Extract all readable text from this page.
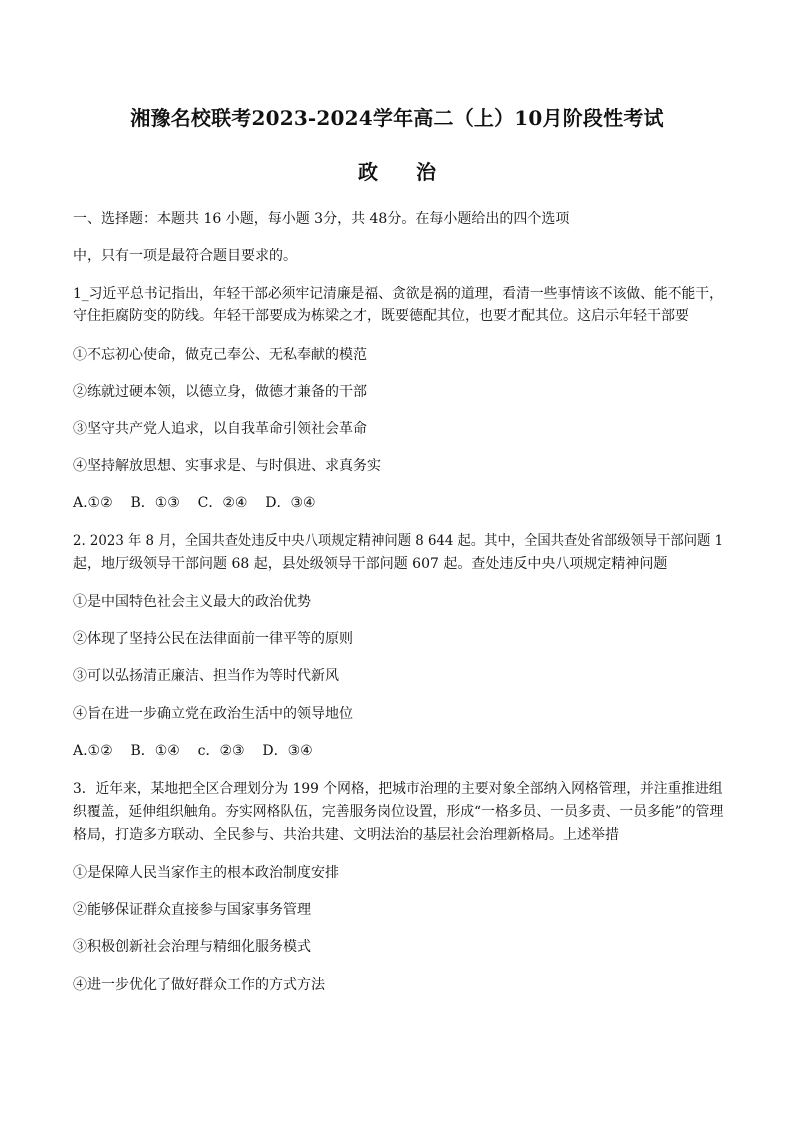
湘豫名校联考2023-2024学年高二（上）10月阶段性考试
政治
一、选择题：本题共 16 小题，每小题 3分，共 48分。在每小题给出的四个选项
中，只有一项是最符合题目要求的。
1_习近平总书记指出，年轻干部必须牢记清廉是福、贪欲是祸的道理，看清一些事情该不该做、能不能干，
守住拒腐防变的防线。年轻干部要成为栋梁之才，既要德配其位，也要才配其位。这启示年轻干部要
①不忘初心使命，做克己奉公、无私奉献的模范
②练就过硬本领，以德立身，做德才兼备的干部
③坚守共产党人追求，以自我革命引领社会革命
④坚持解放思想、实事求是、与时俱进、求真务实
A.①②    B．①③    C．②④    D．③④
2. 2023 年 8 月，全国共查处违反中央八项规定精神问题 8 644 起。其中，全国共查处省部级领导干部问题 1
起，地厅级领导干部问题 68 起，县处级领导干部问题 607 起。查处违反中央八项规定精神问题
①是中国特色社会主义最大的政治优势
②体现了坚持公民在法律面前一律平等的原则
③可以弘扬清正廉洁、担当作为等时代新风
④旨在进一步确立党在政治生活中的领导地位
A.①②    B．①④    c．②③    D．③④
3．近年来，某地把全区合理划分为 199 个网格，把城市治理的主要对象全部纳入网格管理，并注重推进组
织覆盖，延伸组织触角。夯实网格队伍，完善服务岗位设置，形成“一格多员、一员多责、一员多能”的管理
格局，打造多方联动、全民参与、共治共建、文明法治的基层社会治理新格局。上述举措
①是保障人民当家作主的根本政治制度安排
②能够保证群众直接参与国家事务管理
③积极创新社会治理与精细化服务模式
④进一步优化了做好群众工作的方式方法
